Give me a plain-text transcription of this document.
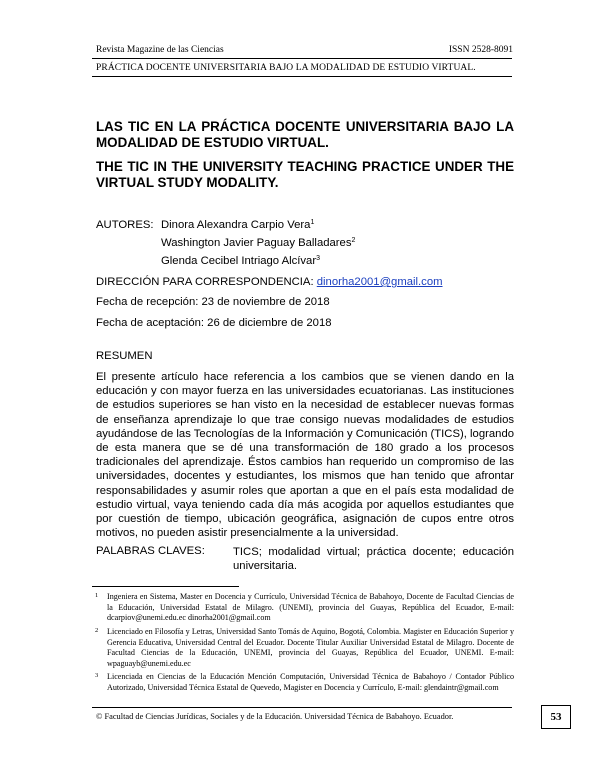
Revista Magazine de las Ciencias	ISSN 2528-8091
PRÁCTICA DOCENTE UNIVERSITARIA BAJO LA MODALIDAD DE ESTUDIO VIRTUAL.
LAS TIC EN LA PRÁCTICA DOCENTE UNIVERSITARIA BAJO LA MODALIDAD DE ESTUDIO VIRTUAL.
THE TIC IN THE UNIVERSITY TEACHING PRACTICE UNDER THE VIRTUAL STUDY MODALITY.
AUTORES: Dinora Alexandra Carpio Vera$^1$
Washington Javier Paguay Balladares$^2$
Glenda Cecibel Intriago Alcívar$^3$
DIRECCIÓN PARA CORRESPONDENCIA: dinorha2001@gmail.com
Fecha de recepción: 23 de noviembre de 2018
Fecha de aceptación: 26 de diciembre de 2018
RESUMEN
El presente artículo hace referencia a los cambios que se vienen dando en la educación y con mayor fuerza en las universidades ecuatorianas. Las instituciones de estudios superiores se han visto en la necesidad de establecer nuevas formas de enseñanza aprendizaje lo que trae consigo nuevas modalidades de estudios ayudándose de las Tecnologías de la Información y Comunicación (TICS), logrando de esta manera que se dé una transformación de 180 grado a los procesos tradicionales del aprendizaje. Éstos cambios han requerido un compromiso de las universidades, docentes y estudiantes, los mismos que han tenido que afrontar responsabilidades y asumir roles que aportan a que en el país esta modalidad de estudio virtual, vaya teniendo cada día más acogida por aquellos estudiantes que por cuestión de tiempo, ubicación geográfica, asignación de cupos entre otros motivos, no pueden asistir presencialmente a la universidad.
PALABRAS CLAVES: TICS; modalidad virtual; práctica docente; educación universitaria.
1	Ingeniera en Sistema, Master en Docencia y Currículo, Universidad Técnica de Babahoyo, Docente de Facultad Ciencias de la Educación, Universidad Estatal de Milagro. (UNEMI), provincia del Guayas, República del Ecuador, E-mail: dcarpiov@unemi.edu.ec dinorha2001@gmail.com
2	Licenciado en Filosofía y Letras, Universidad Santo Tomás de Aquino, Bogotá, Colombia. Magister en Educación Superior y Gerencia Educativa, Universidad Central del Ecuador. Docente Titular Auxiliar Universidad Estatal de Milagro. Docente de Facultad Ciencias de la Educación, UNEMI, provincia del Guayas, República del Ecuador, UNEMI. E-mail: wpaguayb@unemi.edu.ec
3	Licenciada en Ciencias de la Educación Mención Computación, Universidad Técnica de Babahoyo / Contador Público Autorizado, Universidad Técnica Estatal de Quevedo, Magister en Docencia y Currículo, E-mail: glendaintr@gmail.com
© Facultad de Ciencias Jurídicas, Sociales y de la Educación. Universidad Técnica de Babahoyo. Ecuador.	53
